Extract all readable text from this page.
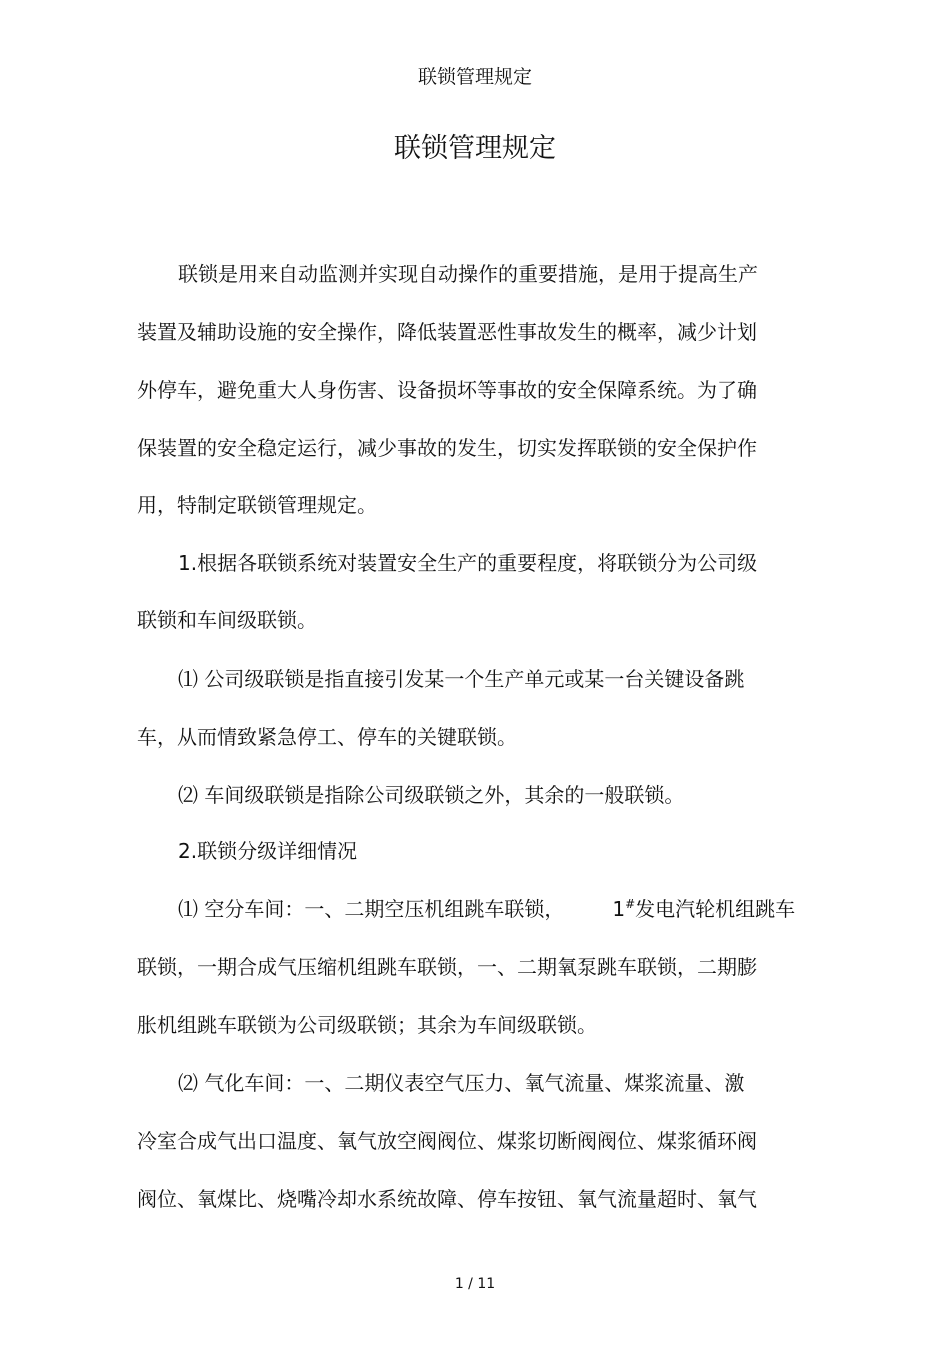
联锁管理规定
联锁管理规定
联锁是用来自动监测并实现自动操作的重要措施，是用于提高生产
装置及辅助设施的安全操作，降低装置恶性事故发生的概率，减少计划
外停车，避免重大人身伤害、设备损坏等事故的安全保障系统。为了确
保装置的安全稳定运行，减少事故的发生，切实发挥联锁的安全保护作
用，特制定联锁管理规定。
1.根据各联锁系统对装置安全生产的重要程度，将联锁分为公司级
联锁和车间级联锁。
⑴ 公司级联锁是指直接引发某一个生产单元或某一台关键设备跳
车，从而情致紧急停工、停车的关键联锁。
⑵ 车间级联锁是指除公司级联锁之外，其余的一般联锁。
2.联锁分级详细情况
⑴ 空分车间：一、二期空压机组跳车联锁， 1#发电汽轮机组跳车
联锁，一期合成气压缩机组跳车联锁，一、二期氧泵跳车联锁，二期膨
胀机组跳车联锁为公司级联锁；其余为车间级联锁。
⑵ 气化车间：一、二期仪表空气压力、氧气流量、煤浆流量、激
冷室合成气出口温度、氧气放空阀阀位、煤浆切断阀阀位、煤浆循环阀
阀位、氧煤比、烧嘴冷却水系统故障、停车按钮、氧气流量超时、氧气
1 / 11
